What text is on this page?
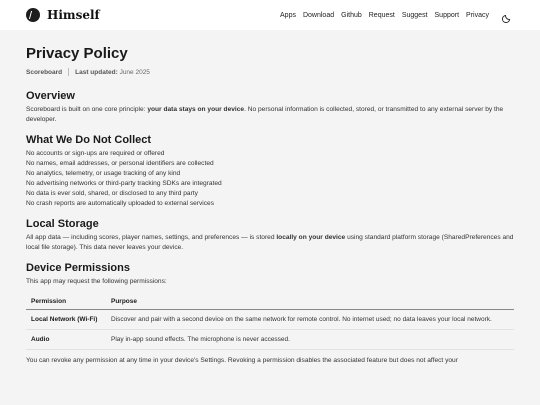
Himself	Apps Download Github Request Suggest Support Privacy
Privacy Policy
Scoreboard Last updated: June 2025
Overview

Scoreboard is built on one core principle: your data stays on your device. No personal information is collected, stored, or transmitted to any external server by the developer.

What We Do Not Collect
No accounts or sign-ups are required or offered
No names, email addresses, or personal identifiers are collected
No analytics, telemetry, or usage tracking of any kind
No advertising networks or third-party tracking SDKs are integrated
No data is ever sold, shared, or disclosed to any third party
No crash reports are automatically uploaded to external services
Local Storage

All app data — including scores, player names, settings, and preferences — is stored locally on your device using standard platform storage (SharedPreferences and local file storage). This data never leaves your device.

Device Permissions

This app may request the following permissions:

Permission	Purpose
Local Network (Wi-Fi)	Discover and pair with a second device on the same network for remote control. No internet used; no data leaves your local network.
Audio	Play in-app sound effects. The microphone is never accessed.

You can revoke any permission at any time in your device's Settings. Revoking a permission disables the associated feature but does not affect your
